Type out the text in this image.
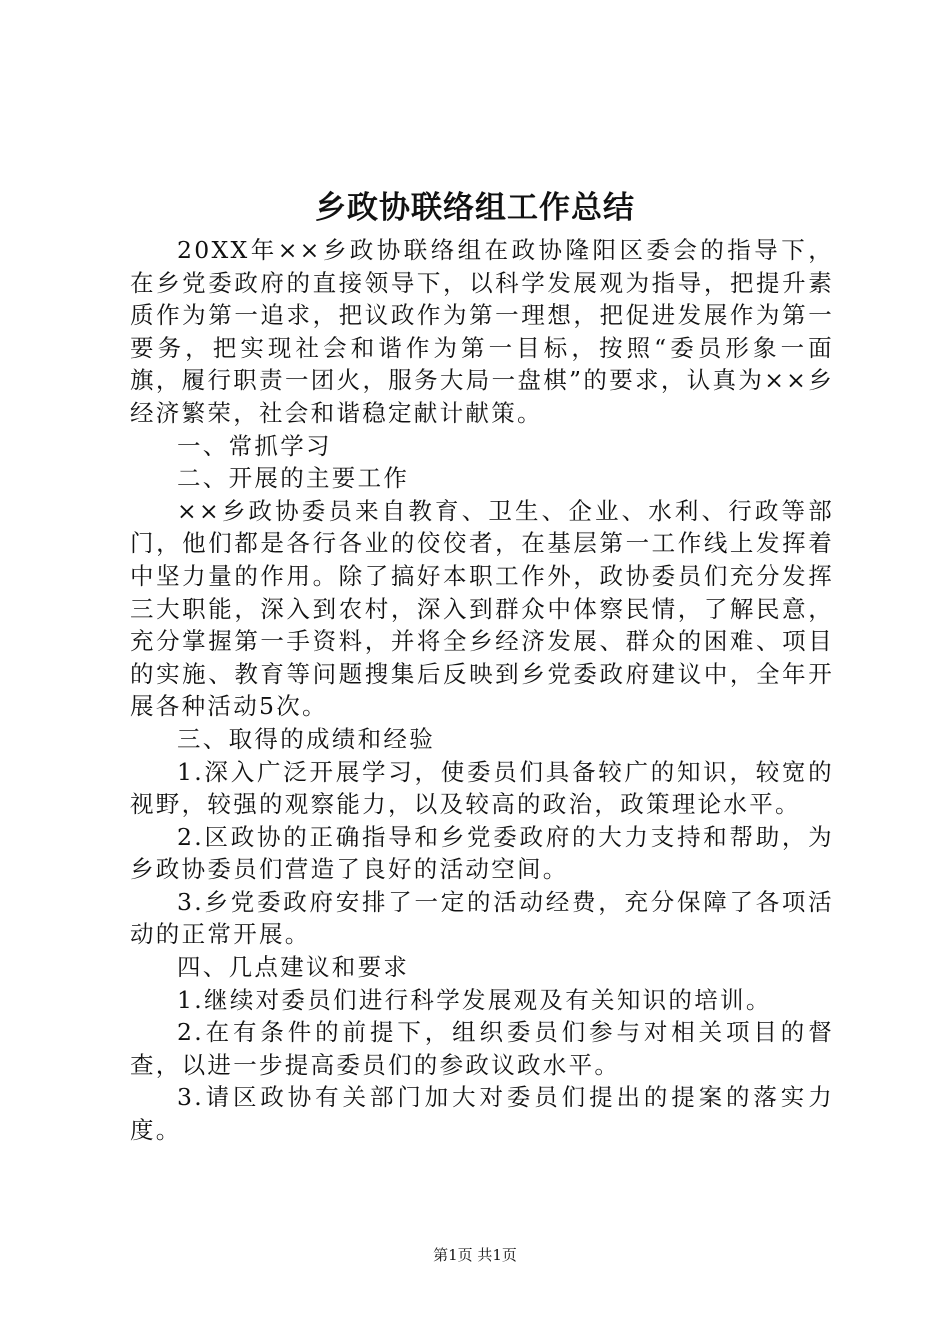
乡政协联络组工作总结

20XX年××乡政协联络组在政协隆阳区委会的指导下，在乡党委政府的直接领导下，以科学发展观为指导，把提升素质作为第一追求，把议政作为第一理想，把促进发展作为第一要务，把实现社会和谐作为第一目标，按照“委员形象一面旗，履行职责一团火，服务大局一盘棋”的要求，认真为××乡经济繁荣，社会和谐稳定献计献策。

一、常抓学习

二、开展的主要工作

××乡政协委员来自教育、卫生、企业、水利、行政等部门，他们都是各行各业的佼佼者，在基层第一工作线上发挥着中坚力量的作用。除了搞好本职工作外，政协委员们充分发挥三大职能，深入到农村，深入到群众中体察民情，了解民意，充分掌握第一手资料，并将全乡经济发展、群众的困难、项目的实施、教育等问题搜集后反映到乡党委政府建议中，全年开展各种活动5次。

三、取得的成绩和经验

1.深入广泛开展学习，使委员们具备较广的知识，较宽的视野，较强的观察能力，以及较高的政治，政策理论水平。

2.区政协的正确指导和乡党委政府的大力支持和帮助，为乡政协委员们营造了良好的活动空间。

3.乡党委政府安排了一定的活动经费，充分保障了各项活动的正常开展。

四、几点建议和要求

1.继续对委员们进行科学发展观及有关知识的培训。

2.在有条件的前提下，组织委员们参与对相关项目的督查，以进一步提高委员们的参政议政水平。

3.请区政协有关部门加大对委员们提出的提案的落实力度。

第1页 共1页
